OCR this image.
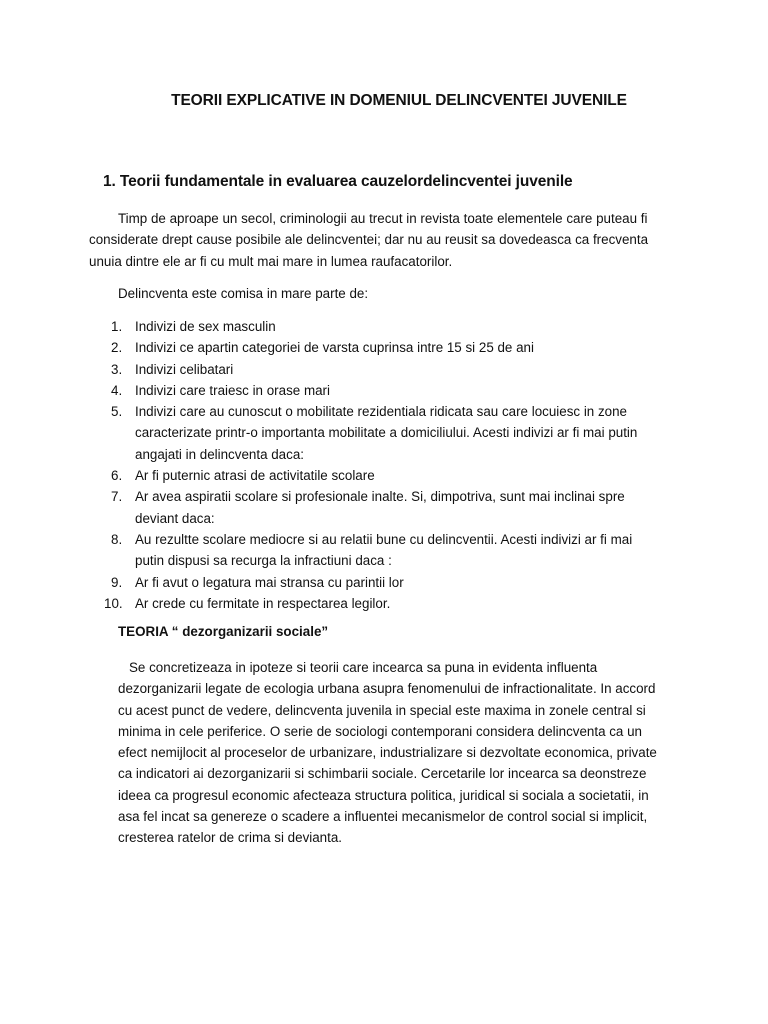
TEORII EXPLICATIVE IN DOMENIUL DELINCVENTEI JUVENILE
1. Teorii fundamentale in evaluarea cauzelordelincventei juvenile
Timp de aproape un secol, criminologii au trecut in revista toate elementele care puteau fi
considerate drept cause posibile ale delincventei; dar nu au reusit sa dovedeasca ca frecventa
unuia dintre ele ar fi cu mult mai mare in lumea raufacatorilor.
Delincventa este comisa in mare parte de:
1. Indivizi de sex masculin
2. Indivizi ce apartin categoriei de varsta cuprinsa intre 15 si 25 de ani
3. Indivizi celibatari
4. Indivizi care traiesc in orase mari
5. Indivizi care au cunoscut o mobilitate rezidentiala ridicata sau care locuiesc in zone
caracterizate printr-o importanta mobilitate a domiciliului. Acesti indivizi ar fi mai putin
angajati in delincventa daca:
6. Ar fi puternic atrasi de activitatile scolare
7. Ar avea aspiratii scolare si profesionale inalte. Si, dimpotriva, sunt mai inclinai spre
deviant daca:
8. Au rezultte scolare mediocre si au relatii bune cu delincventii. Acesti indivizi ar fi mai
putin dispusi sa recurga la infractiuni daca :
9. Ar fi avut o legatura mai stransa cu parintii lor
10. Ar crede cu fermitate in respectarea legilor.
TEORIA “ dezorganizarii sociale”
Se concretizeaza in ipoteze si teorii care incearca sa puna in evidenta influenta
dezorganizarii legate de ecologia urbana asupra fenomenului de infractionalitate. In accord
cu acest punct de vedere, delincventa juvenila in special este maxima in zonele central si
minima in cele periferice. O serie de sociologi contemporani considera delincventa ca un
efect nemijlocit al proceselor de urbanizare, industrializare si dezvoltate economica, private
ca indicatori ai dezorganizarii si schimbarii sociale. Cercetarile lor incearca sa deonstreze
ideea ca progresul economic afecteaza structura politica, juridical si sociala a societatii, in
asa fel incat sa genereze o scadere a influentei mecanismelor de control social si implicit,
cresterea ratelor de crima si devianta.
